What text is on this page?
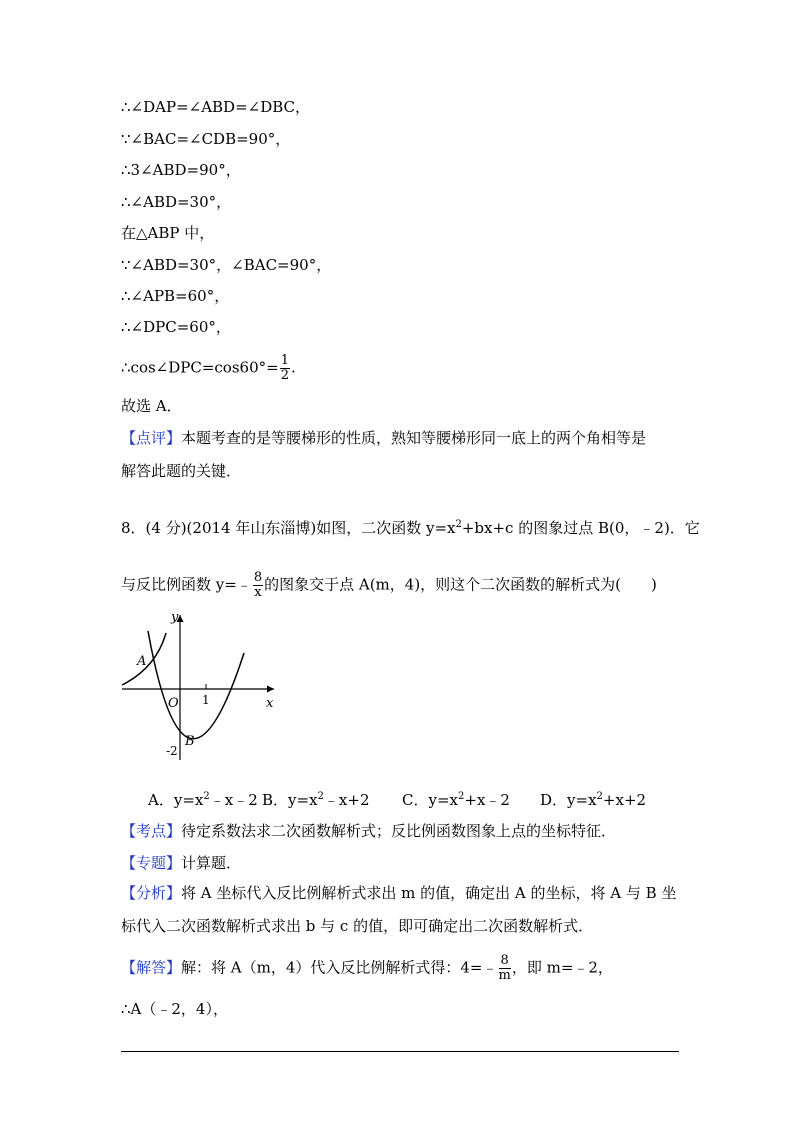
∴∠DAP=∠ABD=∠DBC，
∵∠BAC=∠CDB=90°，
∴3∠ABD=90°，
∴∠ABD=30°，
在△ABP 中，
∵∠ABD=30°，∠BAC=90°，
∴∠APB=60°，
∴∠DPC=60°，
∴cos∠DPC=cos60°= $\frac{1}{2}$ .
故选 A．
【点评】本题考查的是等腰梯形的性质，熟知等腰梯形同一底上的两个角相等是
解答此题的关键．
8．(4 分)(2014 年山东淄博)如图，二次函数 $y=x^2+bx+c$ 的图象过点 B(0，﹣2)．它
与反比例函数 y=﹣ $\frac{8}{x}$ 的图象交于点 A(m，4)，则这个二次函数的解析式为(　　)
y
x
O 1
-2
A
B
A．$y=x^2﹣x﹣2$ B．$y=x^2﹣x+2$ C．$y=x^2+x﹣2$ D．$y=x^2+x+2$
【考点】待定系数法求二次函数解析式；反比例函数图象上点的坐标特征．
【专题】计算题．
【分析】将 A 坐标代入反比例解析式求出 m 的值，确定出 A 的坐标，将 A 与 B 坐
标代入二次函数解析式求出 b 与 c 的值，即可确定出二次函数解析式．
【解答】解：将 A（m，4）代入反比例解析式得：4=﹣ $\frac{8}{m}$ ，即 m=﹣2，
∴A（﹣2，4），
